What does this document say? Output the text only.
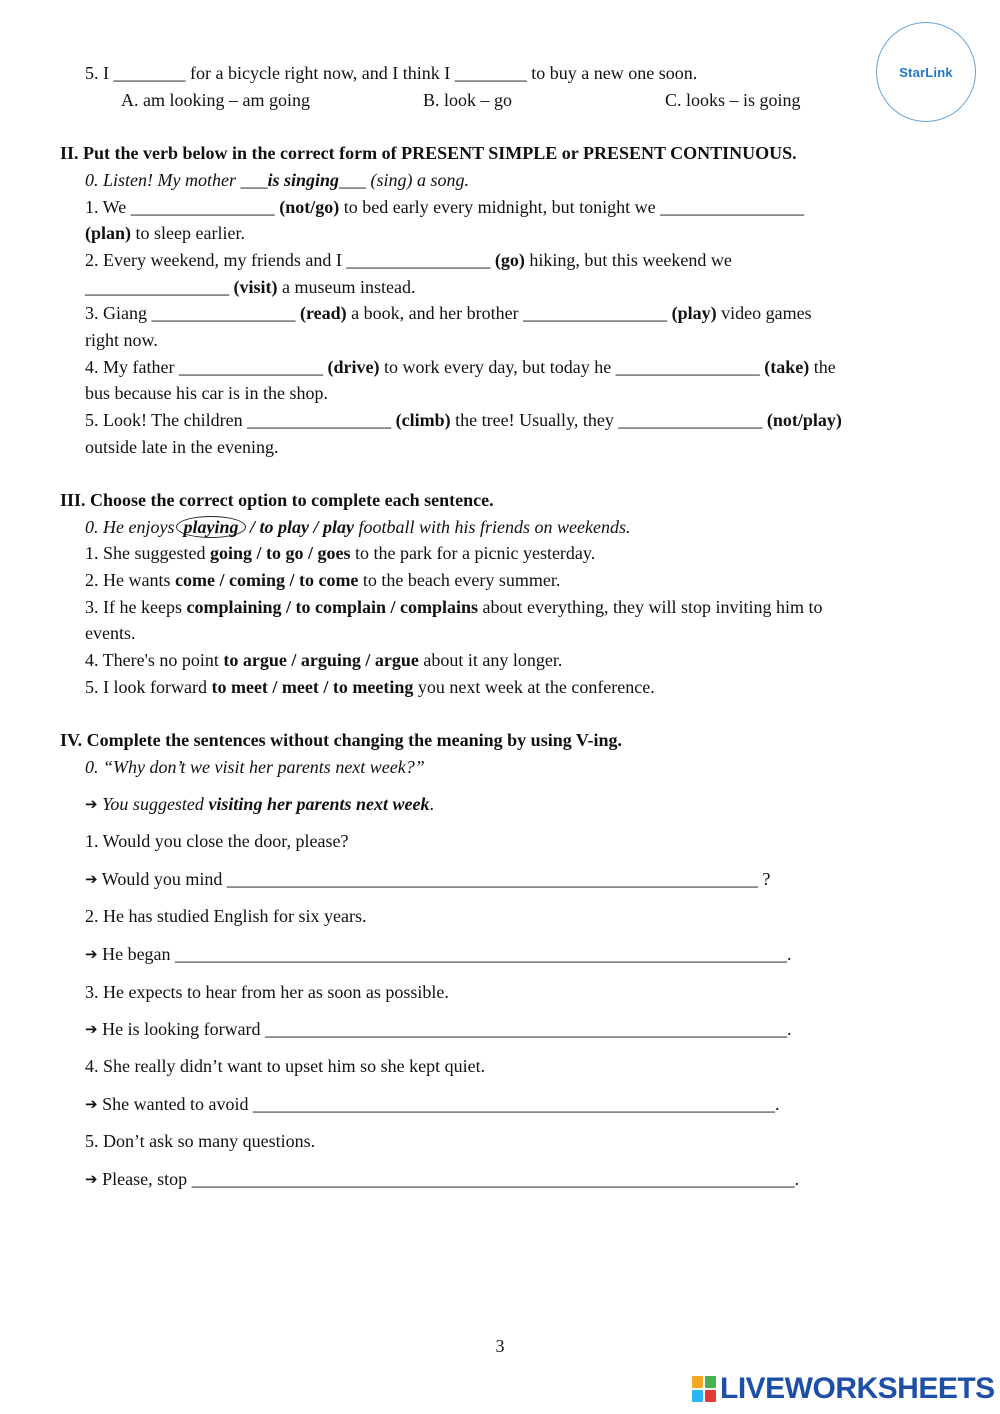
StarLink
5. I ________ for a bicycle right now, and I think I ________ to buy a new one soon.
A. am looking – am going	B. look – go	C. looks – is going
II. Put the verb below in the correct form of PRESENT SIMPLE or PRESENT CONTINUOUS.
0. Listen! My mother ___is singing___ (sing) a song.
1. We ________________ (not/go) to bed early every midnight, but tonight we ________________
(plan) to sleep earlier.
2. Every weekend, my friends and I ________________ (go) hiking, but this weekend we
________________ (visit) a museum instead.
3. Giang ________________ (read) a book, and her brother ________________ (play) video games
right now.
4. My father ________________ (drive) to work every day, but today he ________________ (take) the
bus because his car is in the shop.
5. Look! The children ________________ (climb) the tree! Usually, they ________________ (not/play)
outside late in the evening.
III. Choose the correct option to complete each sentence.
0. He enjoys playing / to play / play football with his friends on weekends.
1. She suggested going / to go / goes to the park for a picnic yesterday.
2. He wants come / coming / to come to the beach every summer.
3. If he keeps complaining / to complain / complains about everything, they will stop inviting him to
events.
4. There's no point to argue / arguing / argue about it any longer.
5. I look forward to meet / meet / to meeting you next week at the conference.
IV. Complete the sentences without changing the meaning by using V-ing.
0. “Why don’t we visit her parents next week?”
➔ You suggested visiting her parents next week.
1. Would you close the door, please?
➔ Would you mind ___________________________________________________________ ?
2. He has studied English for six years.
➔ He began ____________________________________________________________________.
3. He expects to hear from her as soon as possible.
➔ He is looking forward __________________________________________________________.
4. She really didn’t want to upset him so she kept quiet.
➔ She wanted to avoid __________________________________________________________.
5. Don’t ask so many questions.
➔ Please, stop ___________________________________________________________________.
3
LIVEWORKSHEETS
